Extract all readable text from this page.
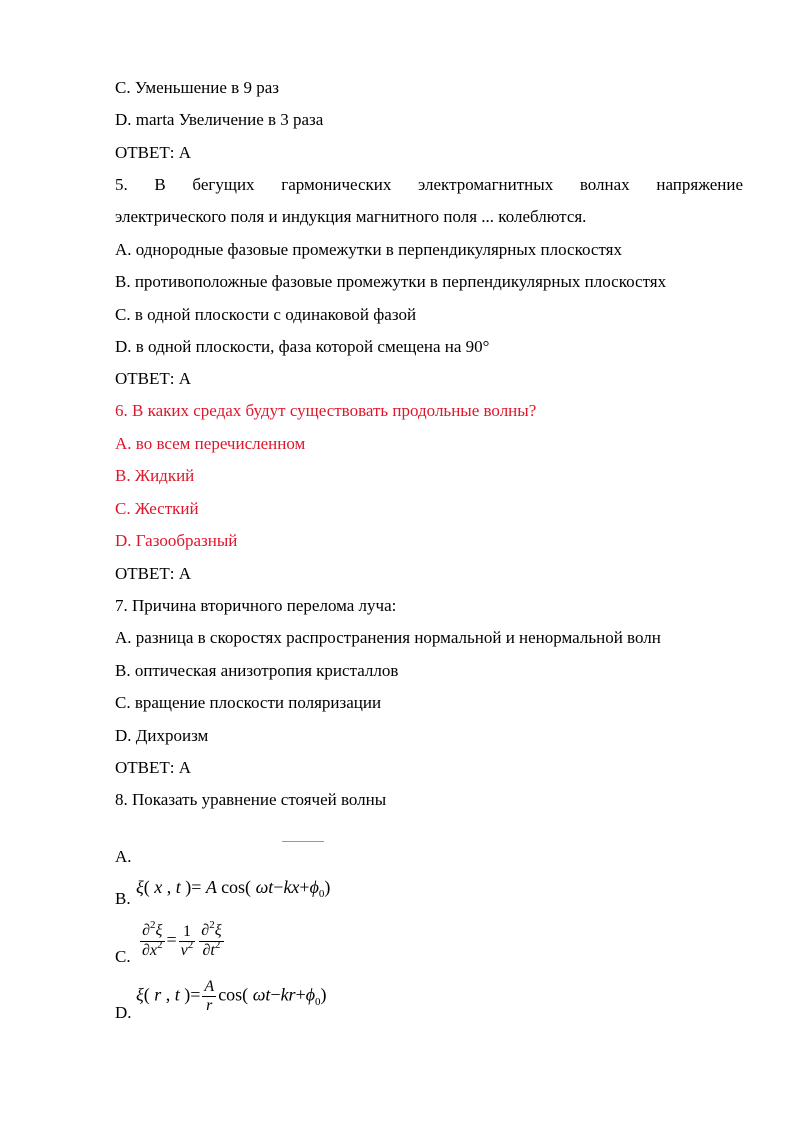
C. Уменьшение в 9 раз
D. marta Увеличение в 3 раза
ОТВЕТ: А
5. В бегущих гармонических электромагнитных волнах напряжение
электрического поля и индукция магнитного поля ... колеблются.
A. однородные фазовые промежутки в перпендикулярных плоскостях
B. противоположные фазовые промежутки в перпендикулярных плоскостях
C. в одной плоскости с одинаковой фазой
D. в одной плоскости, фаза которой смещена на 90°
ОТВЕТ: А
6. В каких средах будут существовать продольные волны?
A. во всем перечисленном
B. Жидкий
C. Жесткий
D. Газообразный
ОТВЕТ: А
7. Причина вторичного перелома луча:
A. разница в скоростях распространения нормальной и ненормальной волн
B. оптическая анизотропия кристаллов
C. вращение плоскости поляризации
D. Дихроизм
ОТВЕТ: А
8. Показать уравнение стоячей волны
A.
B.
C.
D.
ξ( x , t )= A cos( $\omega t-kx+\phi_0$)
$\frac{\partial^2\xi}{\partial x^2} = \frac{1}{v^2} \frac{\partial^2\xi}{\partial t^2}$
ξ( r , t )= $\frac{A}{r} \cos$( $\omega t-kr+\phi_0$)
